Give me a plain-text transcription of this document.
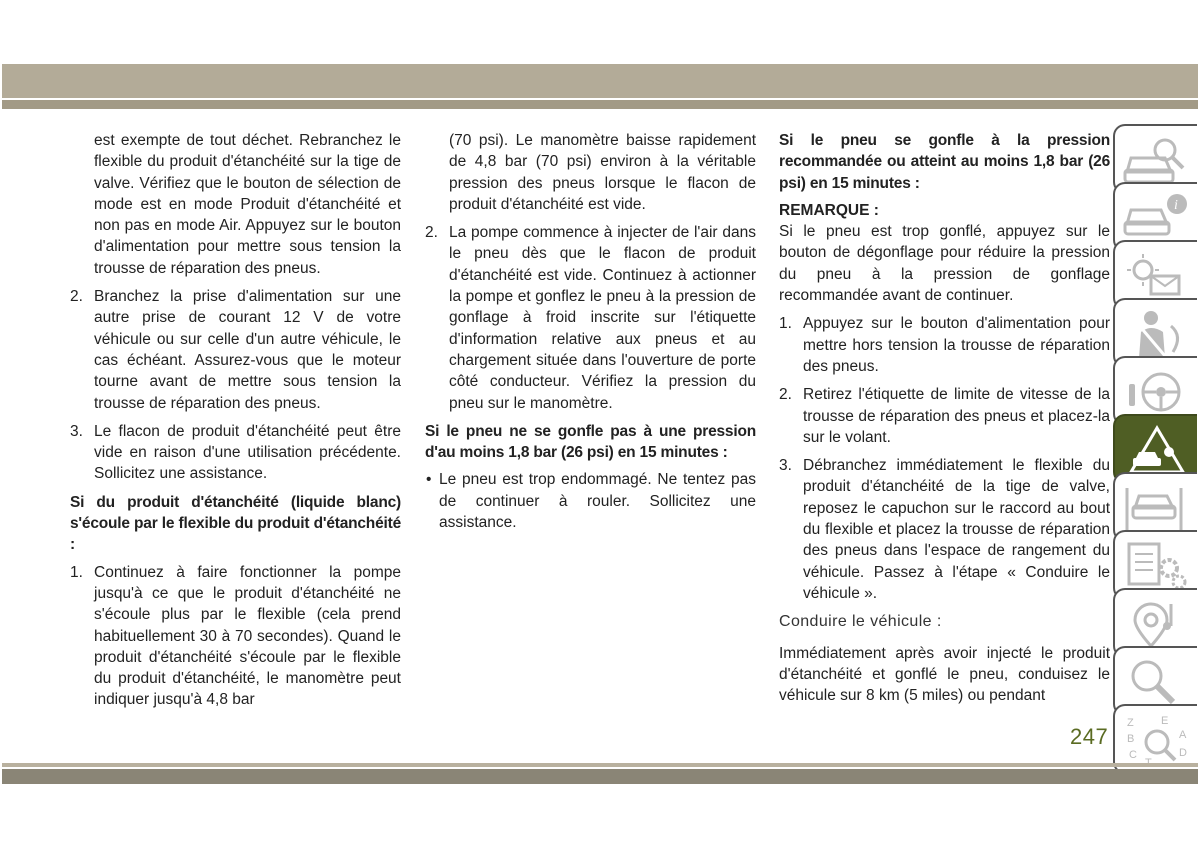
est exempte de tout déchet. Rebranchez le flexible du produit d'étanchéité sur la tige de valve. Vérifiez que le bouton de sélection de mode est en mode Produit d'étanchéité et non pas en mode Air. Appuyez sur le bouton d'alimentation pour mettre sous tension la trousse de réparation des pneus.
2. Branchez la prise d'alimentation sur une autre prise de courant 12 V de votre véhicule ou sur celle d'un autre véhicule, le cas échéant. Assurez-vous que le moteur tourne avant de mettre sous tension la trousse de réparation des pneus.
3. Le flacon de produit d'étanchéité peut être vide en raison d'une utilisation précédente. Sollicitez une assistance.

Si du produit d'étanchéité (liquide blanc) s'écoule par le flexible du produit d'étanchéité :

1. Continuez à faire fonctionner la pompe jusqu'à ce que le produit d'étanchéité ne s'écoule plus par le flexible (cela prend habituellement 30 à 70 secondes). Quand le produit d'étanchéité s'écoule par le flexible du produit d'étanchéité, le manomètre peut indiquer jusqu'à 4,8 bar
(70 psi). Le manomètre baisse rapidement de 4,8 bar (70 psi) environ à la véritable pression des pneus lorsque le flacon de produit d'étanchéité est vide.
2. La pompe commence à injecter de l'air dans le pneu dès que le flacon de produit d'étanchéité est vide. Continuez à actionner la pompe et gonflez le pneu à la pression de gonflage à froid inscrite sur l'étiquette d'information relative aux pneus et au chargement située dans l'ouverture de porte côté conducteur. Vérifiez la pression du pneu sur le manomètre.

Si le pneu ne se gonfle pas à une pression d'au moins 1,8 bar (26 psi) en 15 minutes :

• Le pneu est trop endommagé. Ne tentez pas de continuer à rouler. Sollicitez une assistance.

Si le pneu se gonfle à la pression recommandée ou atteint au moins 1,8 bar (26 psi) en 15 minutes :

REMARQUE :

Si le pneu est trop gonflé, appuyez sur le bouton de dégonflage pour réduire la pression du pneu à la pression de gonflage recommandée avant de continuer.

1. Appuyez sur le bouton d'alimentation pour mettre hors tension la trousse de réparation des pneus.
2. Retirez l'étiquette de limite de vitesse de la trousse de réparation des pneus et placez-la sur le volant.
3. Débranchez immédiatement le flexible du produit d'étanchéité de la tige de valve, reposez le capuchon sur le raccord au bout du flexible et placez la trousse de réparation des pneus dans l'espace de rangement du véhicule. Passez à l'étape « Conduire le véhicule ».

Conduire le véhicule :

Immédiatement après avoir injecté le produit d'étanchéité et gonflé le pneu, conduisez le véhicule sur 8 km (5 miles) ou pendant

i
Z E
A
B
C	D
247
